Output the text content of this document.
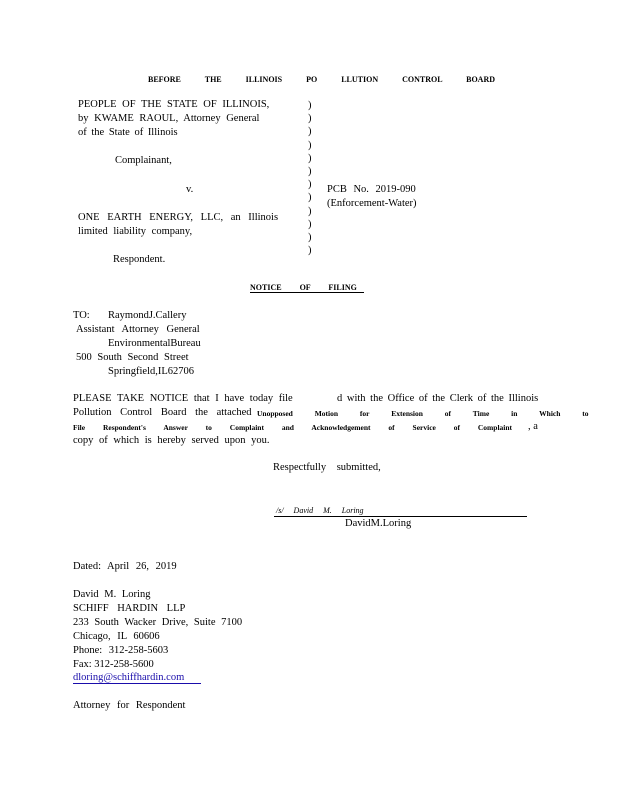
BEFORE THE ILLINOIS PO LLUTION CONTROL BOARD
PEOPLE OF THE STATE OF ILLINOIS,
by KWAME RAOUL, Attorney General
of the State of Illinois
Complainant,
v.
ONE EARTH ENERGY, LLC, an Illinois
limited liability company,
Respondent.
)
)
)
)
)
)
)
)
)
)
)
)
PCB No. 2019-090
(Enforcement-Water)
NOTICE OF FILING
TO: RaymondJ.Callery
Assistant Attorney General
EnvironmentalBureau
500 South Second Street
Springfield,IL62706
PLEASE TAKE NOTICE that I have today file	d with the Office of the Clerk of the Illinois
Pollution Control Board the attached Unopposed Motion for Extension of Time in Which to
File Respondent's Answer to Complaint and Acknowledgement of Service of Complaint , a
copy of which is hereby served upon you.
Respectfully submitted,
/s/ David M. Loring
DavidM.Loring
Dated: April 26, 2019
David M. Loring
SCHIFF HARDIN LLP
233 South Wacker Drive, Suite 7100
Chicago, IL 60606
Phone: 312-258-5603
Fax: 312-258-5600
dloring@schiffhardin.com
Attorney for Respondent
